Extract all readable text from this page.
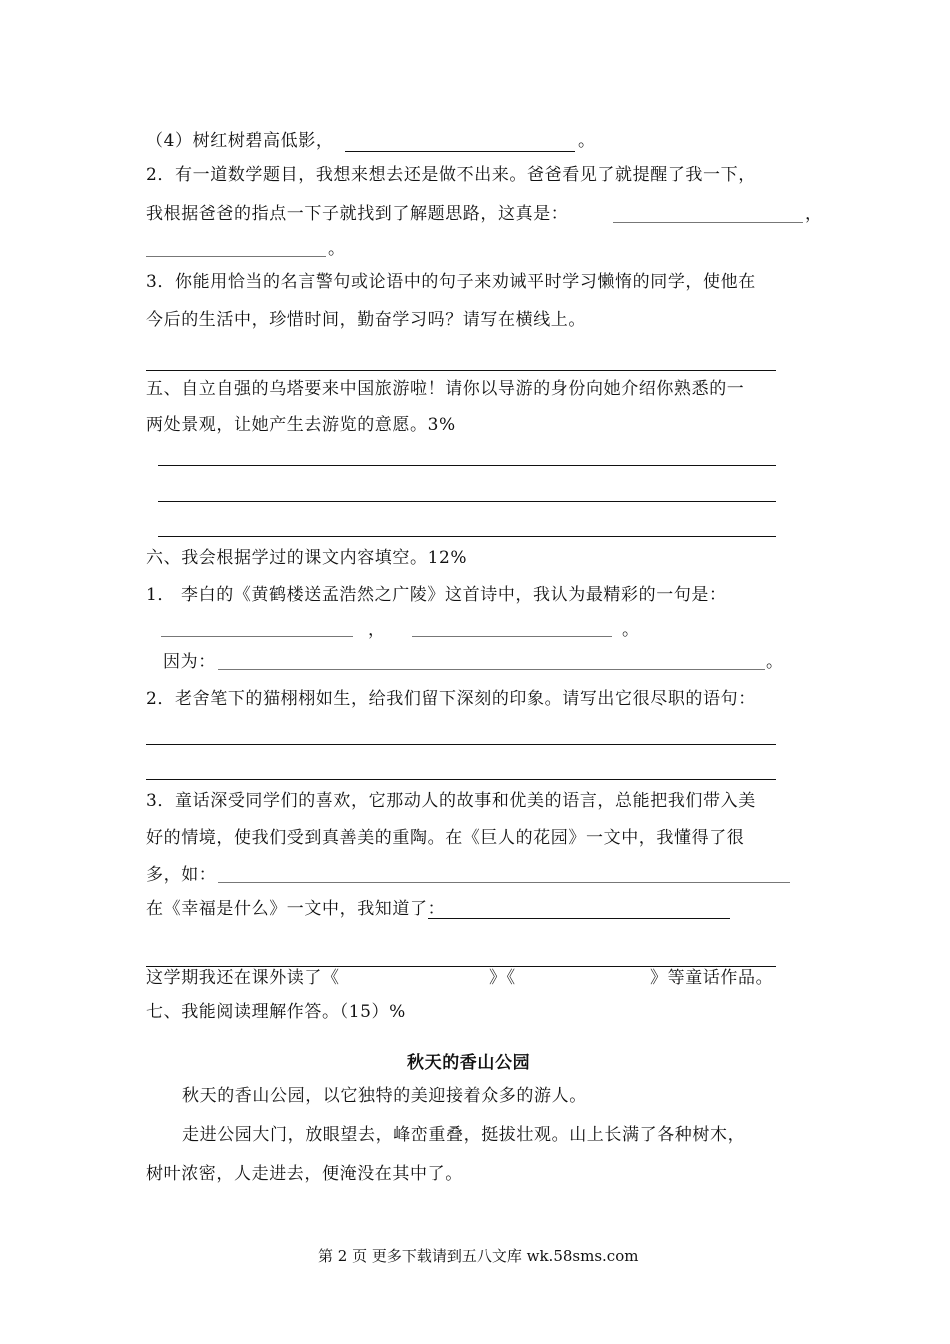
（4）树红树碧高低影，	。
2．有一道数学题目，我想来想去还是做不出来。爸爸看见了就提醒了我一下，
我根据爸爸的指点一下子就找到了解题思路，这真是：	，
。
3．你能用恰当的名言警句或论语中的句子来劝诫平时学习懒惰的同学，使他在
今后的生活中，珍惜时间，勤奋学习吗？请写在横线上。
五、自立自强的乌塔要来中国旅游啦！请你以导游的身份向她介绍你熟悉的一
两处景观，让她产生去游览的意愿。3%
六、我会根据学过的课文内容填空。12%
1． 李白的《黄鹤楼送孟浩然之广陵》这首诗中，我认为最精彩的一句是：
，	。
因为：	。
2．老舍笔下的猫栩栩如生，给我们留下深刻的印象。请写出它很尽职的语句：
3．童话深受同学们的喜欢，它那动人的故事和优美的语言，总能把我们带入美
好的情境，使我们受到真善美的重陶。在《巨人的花园》一文中，我懂得了很
多，如：
在《幸福是什么》一文中，我知道了：
这学期我还在课外读了《	》《	》等童话作品。
七、我能阅读理解作答。（15）%
秋天的香山公园
秋天的香山公园，以它独特的美迎接着众多的游人。
走进公园大门，放眼望去，峰峦重叠，挺拔壮观。山上长满了各种树木，
树叶浓密，人走进去，便淹没在其中了。
第 2 页 更多下载请到五八文库 wk.58sms.com
